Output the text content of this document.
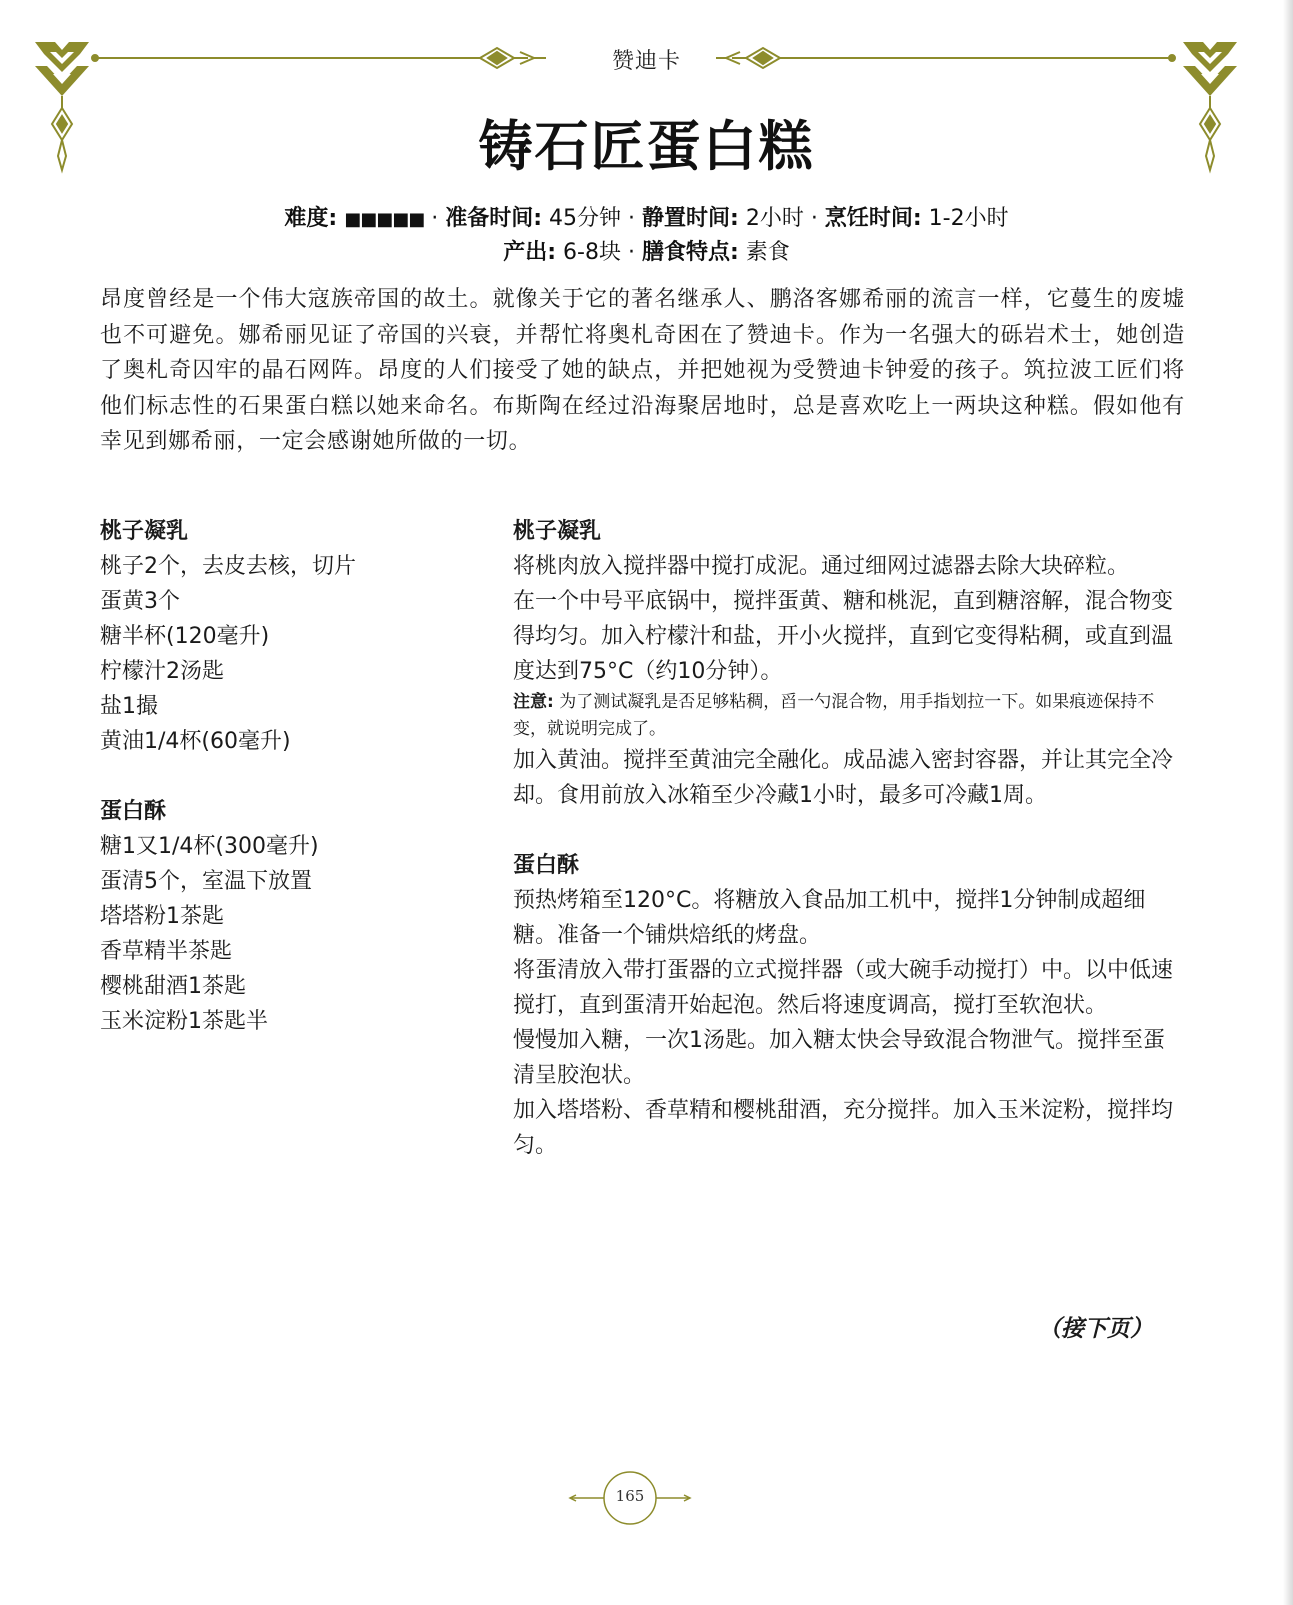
赞迪卡
铸石匠蛋白糕
难度: ■■■■■ · 准备时间: 45分钟 · 静置时间: 2小时 · 烹饪时间: 1-2小时
产出: 6-8块 · 膳食特点: 素食
昂度曾经是一个伟大寇族帝国的故土。就像关于它的著名继承人、鹏洛客娜希丽的流言一样，它蔓生的废墟也不可避免。娜希丽见证了帝国的兴衰，并帮忙将奥札奇困在了赞迪卡。作为一名强大的砾岩术士，她创造了奥札奇囚牢的晶石网阵。昂度的人们接受了她的缺点，并把她视为受赞迪卡钟爱的孩子。筑拉波工匠们将他们标志性的石果蛋白糕以她来命名。布斯陶在经过沿海聚居地时，总是喜欢吃上一两块这种糕。假如他有幸见到娜希丽，一定会感谢她所做的一切。
桃子凝乳
桃子2个，去皮去核，切片
蛋黄3个
糖半杯(120毫升)
柠檬汁2汤匙
盐1撮
黄油1/4杯(60毫升)
蛋白酥
糖1又1/4杯(300毫升)
蛋清5个，室温下放置
塔塔粉1茶匙
香草精半茶匙
樱桃甜酒1茶匙
玉米淀粉1茶匙半
桃子凝乳
将桃肉放入搅拌器中搅打成泥。通过细网过滤器去除大块碎粒。
在一个中号平底锅中，搅拌蛋黄、糖和桃泥，直到糖溶解，混合物变得均匀。加入柠檬汁和盐，开小火搅拌，直到它变得粘稠，或直到温度达到75°C（约10分钟）。
注意: 为了测试凝乳是否足够粘稠，舀一勺混合物，用手指划拉一下。如果痕迹保持不变，就说明完成了。
加入黄油。搅拌至黄油完全融化。成品滤入密封容器，并让其完全冷却。食用前放入冰箱至少冷藏1小时，最多可冷藏1周。
蛋白酥
预热烤箱至120°C。将糖放入食品加工机中，搅拌1分钟制成超细糖。准备一个铺烘焙纸的烤盘。
将蛋清放入带打蛋器的立式搅拌器（或大碗手动搅打）中。以中低速搅打，直到蛋清开始起泡。然后将速度调高，搅打至软泡状。
慢慢加入糖，一次1汤匙。加入糖太快会导致混合物泄气。搅拌至蛋清呈胶泡状。
加入塔塔粉、香草精和樱桃甜酒，充分搅拌。加入玉米淀粉，搅拌均匀。
（接下页）
165
